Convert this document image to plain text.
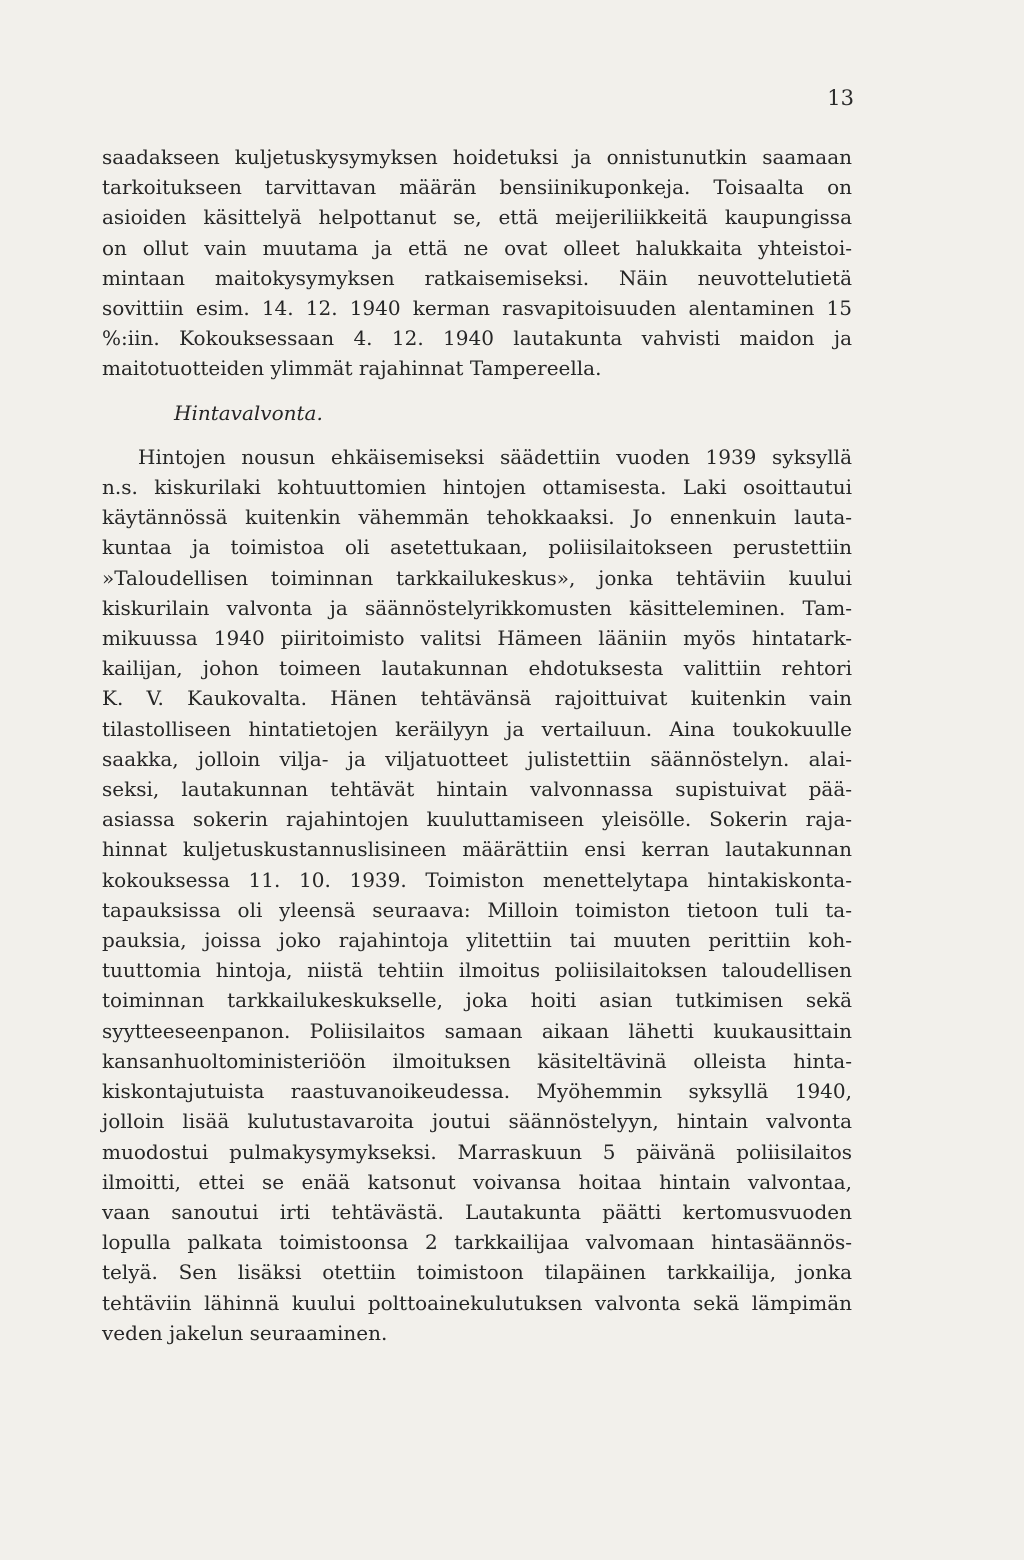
13
saadakseen kuljetuskysymyksen hoidetuksi ja onnistunutkin saamaan
tarkoitukseen tarvittavan määrän bensiinikuponkeja. Toisaalta on
asioiden käsittelyä helpottanut se, että meijeriliikkeitä kaupungissa
on ollut vain muutama ja että ne ovat olleet halukkaita yhteistoi-
mintaan maitokysymyksen ratkaisemiseksi. Näin neuvottelutietä
sovittiin esim. 14. 12. 1940 kerman rasvapitoisuuden alentaminen 15
%:iin. Kokouksessaan 4. 12. 1940 lautakunta vahvisti maidon ja
maitotuotteiden ylimmät rajahinnat Tampereella.
Hintavalvonta.
Hintojen nousun ehkäisemiseksi säädettiin vuoden 1939 syksyllä
n.s. kiskurilaki kohtuuttomien hintojen ottamisesta. Laki osoittautui
käytännössä kuitenkin vähemmän tehokkaaksi. Jo ennenkuin lauta-
kuntaa ja toimistoa oli asetettukaan, poliisilaitokseen perustettiin
»Taloudellisen toiminnan tarkkailukeskus», jonka tehtäviin kuului
kiskurilain valvonta ja säännöstelyrikkomusten käsitteleminen. Tam-
mikuussa 1940 piiritoimisto valitsi Hämeen lääniin myös hintatark-
kailijan, johon toimeen lautakunnan ehdotuksesta valittiin rehtori
K. V. Kaukovalta. Hänen tehtävänsä rajoittuivat kuitenkin vain
tilastolliseen hintatietojen keräilyyn ja vertailuun. Aina toukokuulle
saakka, jolloin vilja- ja viljatuotteet julistettiin säännöstelyn. alai-
seksi, lautakunnan tehtävät hintain valvonnassa supistuivat pää-
asiassa sokerin rajahintojen kuuluttamiseen yleisölle. Sokerin raja-
hinnat kuljetuskustannuslisineen määrättiin ensi kerran lautakunnan
kokouksessa 11. 10. 1939. Toimiston menettelytapa hintakiskonta-
tapauksissa oli yleensä seuraava: Milloin toimiston tietoon tuli ta-
pauksia, joissa joko rajahintoja ylitettiin tai muuten perittiin koh-
tuuttomia hintoja, niistä tehtiin ilmoitus poliisilaitoksen taloudellisen
toiminnan tarkkailukeskukselle, joka hoiti asian tutkimisen sekä
syytteeseenpanon. Poliisilaitos samaan aikaan lähetti kuukausittain
kansanhuoltoministeriöön ilmoituksen käsiteltävinä olleista hinta-
kiskontajutuista raastuvanoikeudessa. Myöhemmin syksyllä 1940,
jolloin lisää kulutustavaroita joutui säännöstelyyn, hintain valvonta
muodostui pulmakysymykseksi. Marraskuun 5 päivänä poliisilaitos
ilmoitti, ettei se enää katsonut voivansa hoitaa hintain valvontaa,
vaan sanoutui irti tehtävästä. Lautakunta päätti kertomusvuoden
lopulla palkata toimistoonsa 2 tarkkailijaa valvomaan hintasäännös-
telyä. Sen lisäksi otettiin toimistoon tilapäinen tarkkailija, jonka
tehtäviin lähinnä kuului polttoainekulutuksen valvonta sekä lämpimän
veden jakelun seuraaminen.
